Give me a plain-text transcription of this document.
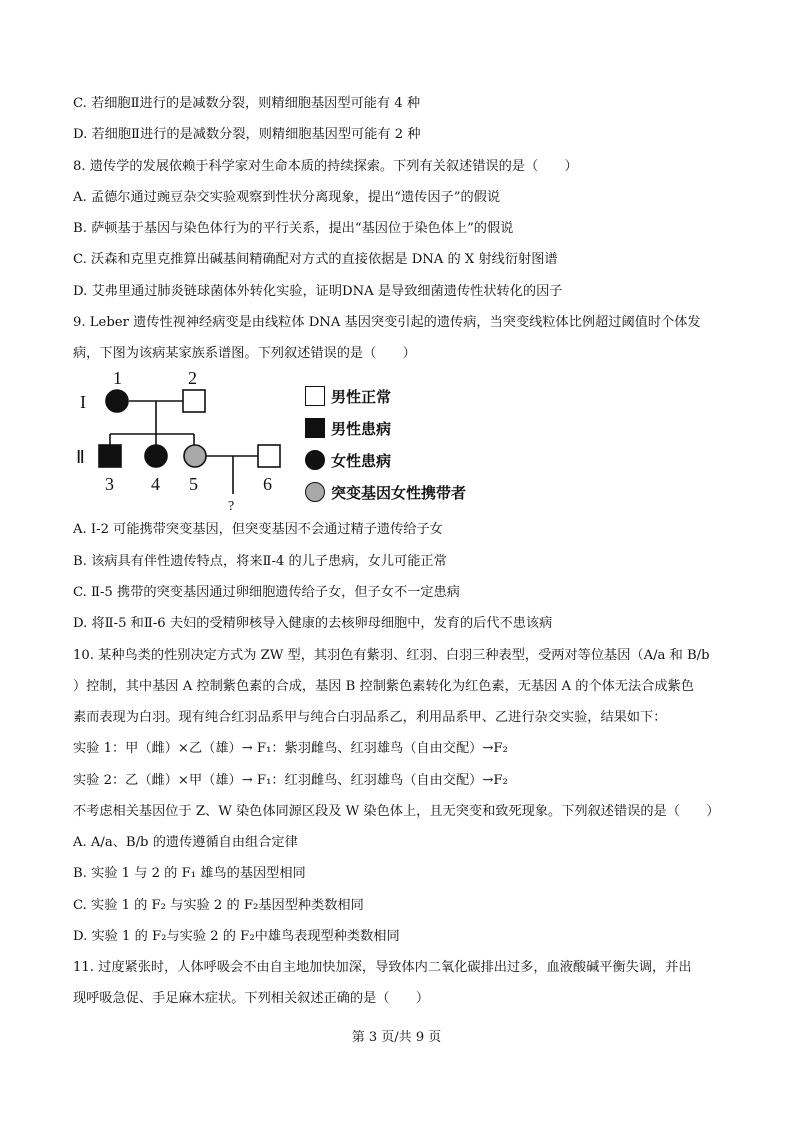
C. 若细胞Ⅱ进行的是减数分裂，则精细胞基因型可能有 4 种
D. 若细胞Ⅱ进行的是减数分裂，则精细胞基因型可能有 2 种
8. 遗传学的发展依赖于科学家对生命本质的持续探索。下列有关叙述错误的是（　　）
A. 孟德尔通过豌豆杂交实验观察到性状分离现象，提出“遗传因子”的假说
B. 萨顿基于基因与染色体行为的平行关系，提出“基因位于染色体上”的假说
C. 沃森和克里克推算出碱基间精确配对方式的直接依据是 DNA 的 X 射线衍射图谱
D. 艾弗里通过肺炎链球菌体外转化实验，证明DNA 是导致细菌遗传性状转化的因子
9. Leber 遗传性视神经病变是由线粒体 DNA 基因突变引起的遗传病，当突变线粒体比例超过阈值时个体发
病，下图为该病某家族系谱图。下列叙述错误的是（　　）
I
Ⅱ
1	2
3 4 5	6
?
男性正常
男性患病
女性患病
突变基因女性携带者
A. I-2 可能携带突变基因，但突变基因不会通过精子遗传给子女
B. 该病具有伴性遗传特点，将来Ⅱ-4 的儿子患病，女儿可能正常
C. Ⅱ-5 携带的突变基因通过卵细胞遗传给子女，但子女不一定患病
D. 将Ⅱ-5 和Ⅱ-6 夫妇的受精卵核导入健康的去核卵母细胞中，发育的后代不患该病
10. 某种鸟类的性别决定方式为 ZW 型，其羽色有紫羽、红羽、白羽三种表型，受两对等位基因（A/a 和 B/b
）控制，其中基因 A 控制紫色素的合成，基因 B 控制紫色素转化为红色素，无基因 A 的个体无法合成紫色
素而表现为白羽。现有纯合红羽品系甲与纯合白羽品系乙，利用品系甲、乙进行杂交实验，结果如下：
实验 1：甲（雌）×乙（雄）→ F₁：紫羽雌鸟、红羽雄鸟（自由交配）→F₂
实验 2：乙（雌）×甲（雄）→ F₁：红羽雌鸟、红羽雄鸟（自由交配）→F₂
不考虑相关基因位于 Z、W 染色体同源区段及 W 染色体上，且无突变和致死现象。下列叙述错误的是（　　）
A. A/a、B/b 的遗传遵循自由组合定律
B. 实验 1 与 2 的 F₁ 雄鸟的基因型相同
C. 实验 1 的 F₂ 与实验 2 的 F₂基因型种类数相同
D. 实验 1 的 F₂与实验 2 的 F₂中雄鸟表现型种类数相同
11. 过度紧张时，人体呼吸会不由自主地加快加深，导致体内二氧化碳排出过多，血液酸碱平衡失调，并出
现呼吸急促、手足麻木症状。下列相关叙述正确的是（　　）
第 3 页/共 9 页
